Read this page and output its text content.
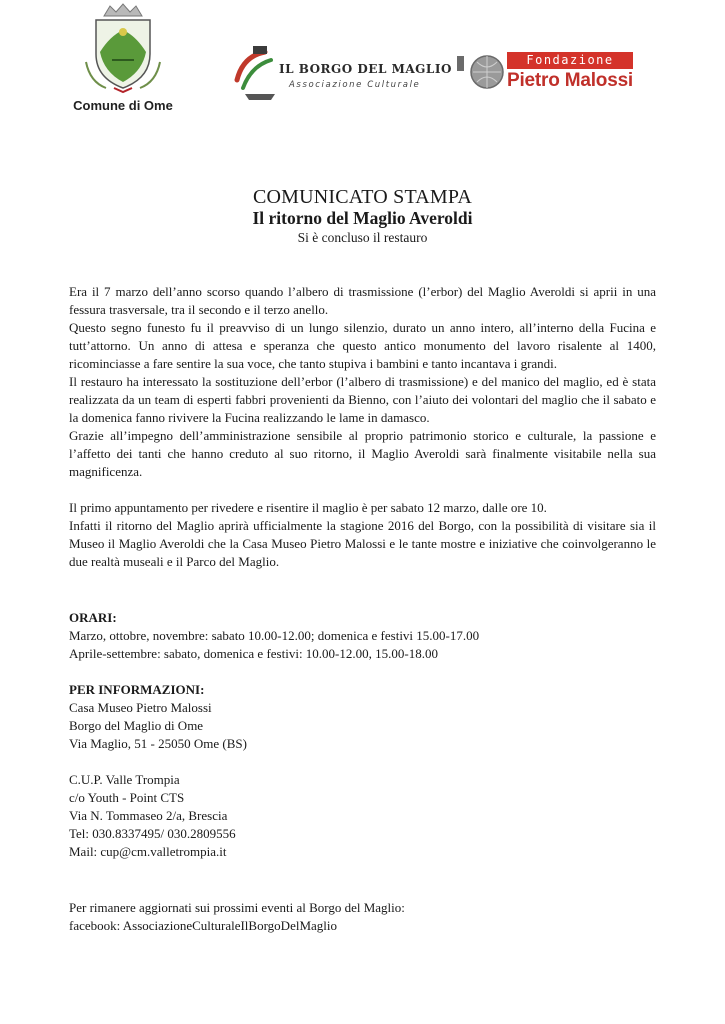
Comune di Ome
IL BORGO DEL MAGLIO
Associazione Culturale
Fondazione
Pietro Malossi
COMUNICATO STAMPA
Il ritorno del Maglio Averoldi
Si è concluso il restauro

Era il 7 marzo dell’anno scorso quando l’albero di trasmissione (l’erbor) del Maglio Averoldi si aprii in una fessura trasversale, tra il secondo e il terzo anello.

Questo segno funesto fu il preavviso di un lungo silenzio, durato un anno intero, all’interno della Fucina e tutt’attorno. Un anno di attesa e speranza che questo antico monumento del lavoro risalente al 1400, ricominciasse a fare sentire la sua voce, che tanto stupiva i bambini e tanto incantava i grandi.

Il restauro ha interessato la sostituzione dell’erbor (l’albero di trasmissione) e del manico del maglio, ed è stata realizzata da un team di esperti fabbri provenienti da Bienno, con l’aiuto dei volontari del maglio che il sabato e la domenica fanno rivivere la Fucina realizzando le lame in damasco.

Grazie all’impegno dell’amministrazione sensibile al proprio patrimonio storico e culturale, la passione e l’affetto dei tanti che hanno creduto al suo ritorno, il Maglio Averoldi sarà finalmente visitabile nella sua magnificenza.

Il primo appuntamento per rivedere e risentire il maglio è per sabato 12 marzo, dalle ore 10.

Infatti il ritorno del Maglio aprirà ufficialmente la stagione 2016 del Borgo, con la possibilità di visitare sia il Museo il Maglio Averoldi che la Casa Museo Pietro Malossi e le tante mostre e iniziative che coinvolgeranno le due realtà museali e il Parco del Maglio.

ORARI:
Marzo, ottobre, novembre: sabato 10.00-12.00; domenica e festivi 15.00-17.00
Aprile-settembre: sabato, domenica e festivi: 10.00-12.00, 15.00-18.00
PER INFORMAZIONI:
Casa Museo Pietro Malossi
Borgo del Maglio di Ome
Via Maglio, 51 - 25050 Ome (BS)
C.U.P. Valle Trompia
c/o Youth - Point CTS
Via N. Tommaseo 2/a, Brescia
Tel: 030.8337495/ 030.2809556
Mail: cup@cm.valletrompia.it
Per rimanere aggiornati sui prossimi eventi al Borgo del Maglio:
facebook: AssociazioneCulturaleIlBorgoDelMaglio
